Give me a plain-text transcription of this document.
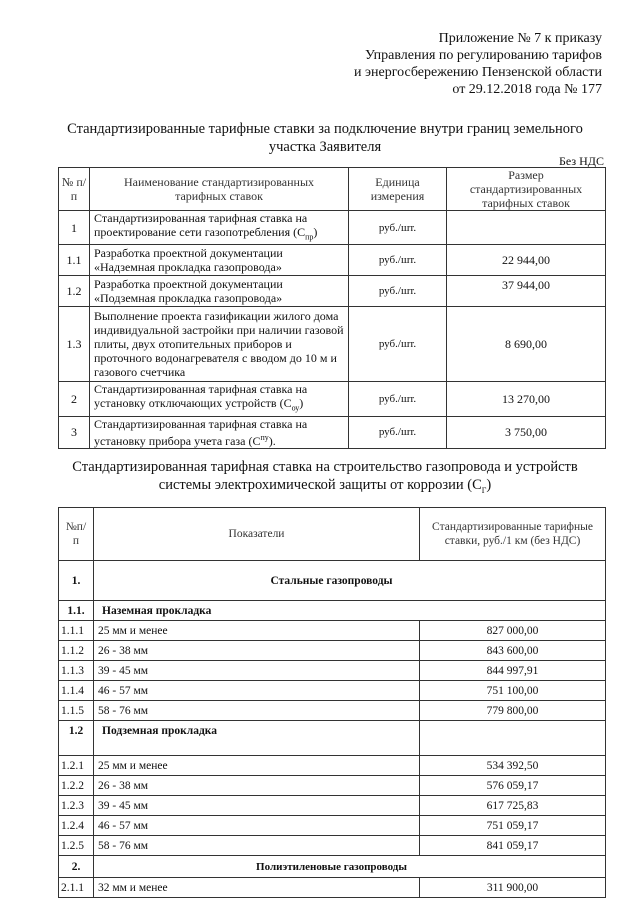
Приложение № 7 к приказу
Управления по регулированию тарифов
и энергосбережению Пензенской области
от 29.12.2018 года № 177
Стандартизированные тарифные ставки за подключение внутри границ земельного
участка Заявителя
Без НДС
№ п/п	Наименование стандартизированных тарифных ставок	Единица измерения	Размер стандартизированных тарифных ставок
1	Стандартизированная тарифная ставка на проектирование сети газопотребления $(С_{пр})$	руб./шт.	
1.1	Разработка проектной документации «Надземная прокладка газопровода»	руб./шт.	22 944,00
1.2	Разработка проектной документации «Подземная прокладка газопровода»	руб./шт.	37 944,00
1.3	Выполнение проекта газификации жилого дома индивидуальной застройки при наличии газовой плиты, двух отопительных приборов и проточного водонагревателя с вводом до 10 м и газового счетчика	руб./шт.	8 690,00
2	Стандартизированная тарифная ставка на установку отключающих устройств $(С_{оу})$	руб./шт.	13 270,00
3	Стандартизированная тарифная ставка на установку прибора учета газа $(С^{пу})$.	руб./шт.	3 750,00
Стандартизированная тарифная ставка на строительство газопровода и устройств
системы электрохимической защиты от коррозии $(С_Г)$
№п/п	Показатели	Стандартизированные тарифные ставки, руб./1 км (без НДС)
1.	Стальные газопроводы	
1.1.	Наземная прокладка	
1.1.1	25 мм и менее	827 000,00
1.1.2	26 - 38 мм	843 600,00
1.1.3	39 - 45 мм	844 997,91
1.1.4	46 - 57 мм	751 100,00
1.1.5	58 - 76 мм	779 800,00
1.2	Подземная прокладка	
1.2.1	25 мм и менее	534 392,50
1.2.2	26 - 38 мм	576 059,17
1.2.3	39 - 45 мм	617 725,83
1.2.4	46 - 57 мм	751 059,17
1.2.5	58 - 76 мм	841 059,17
2.	Полиэтиленовые газопроводы	
2.1.1	32 мм и менее	311 900,00
